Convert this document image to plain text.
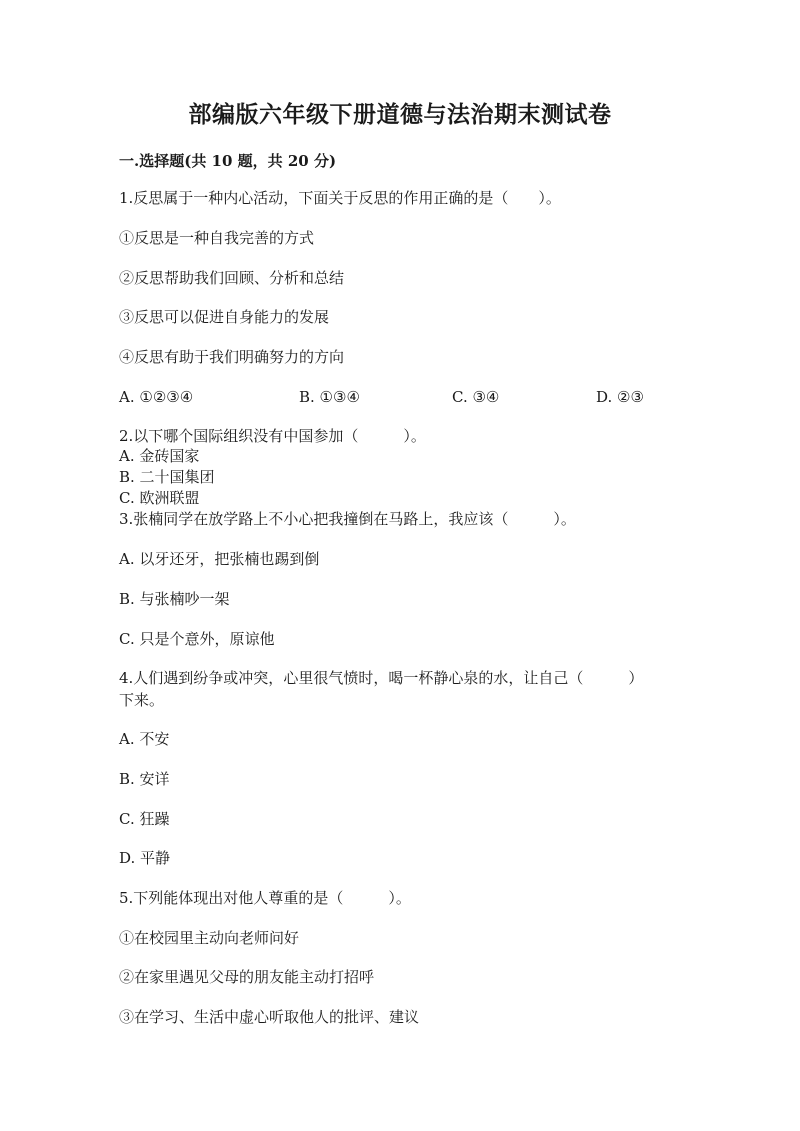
部编版六年级下册道德与法治期末测试卷

一.选择题(共 10 题，共 20 分)

1.反思属于一种内心活动，下面关于反思的作用正确的是（　　）。

①反思是一种自我完善的方式

②反思帮助我们回顾、分析和总结

③反思可以促进自身能力的发展

④反思有助于我们明确努力的方向

A. ①②③④	B. ①③④	C. ③④	D. ②③

2.以下哪个国际组织没有中国参加（　　　）。

A. 金砖国家

B. 二十国集团

C. 欧洲联盟

3.张楠同学在放学路上不小心把我撞倒在马路上，我应该（　　　）。

A. 以牙还牙，把张楠也踢到倒

B. 与张楠吵一架

C. 只是个意外，原谅他

4.人们遇到纷争或冲突，心里很气愤时，喝一杯静心泉的水，让自己（　　　）

下来。

A. 不安

B. 安详

C. 狂躁

D. 平静

5.下列能体现出对他人尊重的是（　　　）。

①在校园里主动向老师问好

②在家里遇见父母的朋友能主动打招呼

③在学习、生活中虚心听取他人的批评、建议
